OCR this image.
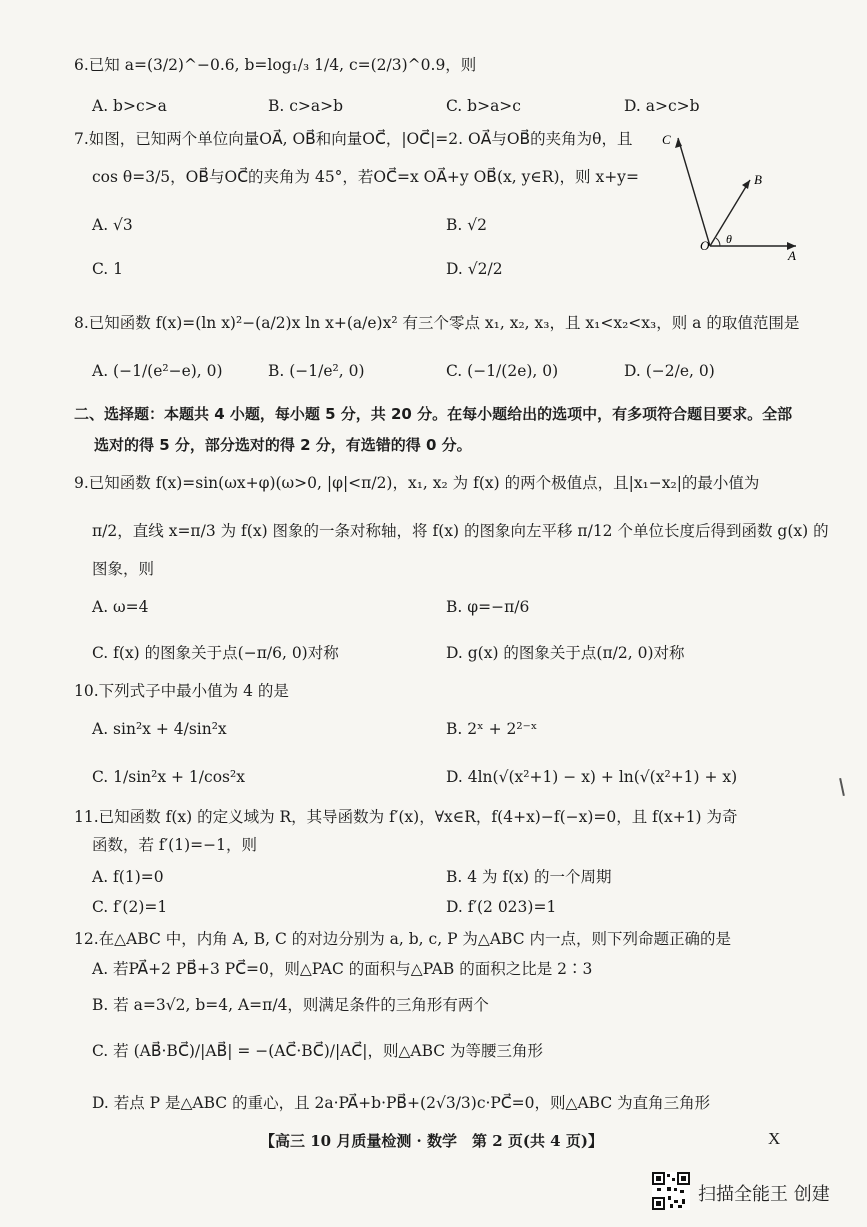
6.已知 a=(3/2)^−0.6, b=log₁/₃ 1/4, c=(2/3)^0.9，则
A. b>c>a	B. c>a>b	C. b>a>c	D. a>c>b
7.如图，已知两个单位向量OA⃗, OB⃗和向量OC⃗，|OC⃗|=2. OA⃗与OB⃗的夹角为θ，且
cos θ=3/5，OB⃗与OC⃗的夹角为 45°，若OC⃗=x OA⃗+y OB⃗(x, y∈R)，则 x+y=
A. √3	B. √2
C. 1	D. √2/2
C
B
O
A
θ
8.已知函数 f(x)=(ln x)²−(a/2)x ln x+(a/e)x² 有三个零点 x₁, x₂, x₃，且 x₁<x₂<x₃，则 a 的取值范围是
A. (−1/(e²−e), 0)	B. (−1/e², 0)	C. (−1/(2e), 0)	D. (−2/e, 0)
二、选择题：本题共 4 小题，每小题 5 分，共 20 分。在每小题给出的选项中，有多项符合题目要求。全部
选对的得 5 分，部分选对的得 2 分，有选错的得 0 分。
9.已知函数 f(x)=sin(ωx+φ)(ω>0, |φ|<π/2)，x₁, x₂ 为 f(x) 的两个极值点，且|x₁−x₂|的最小值为
π/2，直线 x=π/3 为 f(x) 图象的一条对称轴，将 f(x) 的图象向左平移 π/12 个单位长度后得到函数 g(x) 的
图象，则
A. ω=4	B. φ=−π/6
C. f(x) 的图象关于点(−π/6, 0)对称	D. g(x) 的图象关于点(π/2, 0)对称
10.下列式子中最小值为 4 的是
A. sin²x + 4/sin²x	B. 2ˣ + 2²⁻ˣ
C. 1/sin²x + 1/cos²x	D. 4ln(√(x²+1) − x) + ln(√(x²+1) + x)
11.已知函数 f(x) 的定义域为 R，其导函数为 f′(x)，∀x∈R，f(4+x)−f(−x)=0，且 f(x+1) 为奇
函数，若 f′(1)=−1，则
A. f(1)=0	B. 4 为 f(x) 的一个周期
C. f′(2)=1	D. f′(2 023)=1
12.在△ABC 中，内角 A, B, C 的对边分别为 a, b, c, P 为△ABC 内一点，则下列命题正确的是
A. 若PA⃗+2 PB⃗+3 PC⃗=0，则△PAC 的面积与△PAB 的面积之比是 2∶3
B. 若 a=3√2, b=4, A=π/4，则满足条件的三角形有两个
C. 若 (AB⃗·BC⃗)/|AB⃗| = −(AC⃗·BC⃗)/|AC⃗|，则△ABC 为等腰三角形
D. 若点 P 是△ABC 的重心，且 2a·PA⃗+b·PB⃗+(2√3/3)c·PC⃗=0，则△ABC 为直角三角形
【高三 10 月质量检测 · 数学　第 2 页(共 4 页)】	X
扫描全能王 创建
